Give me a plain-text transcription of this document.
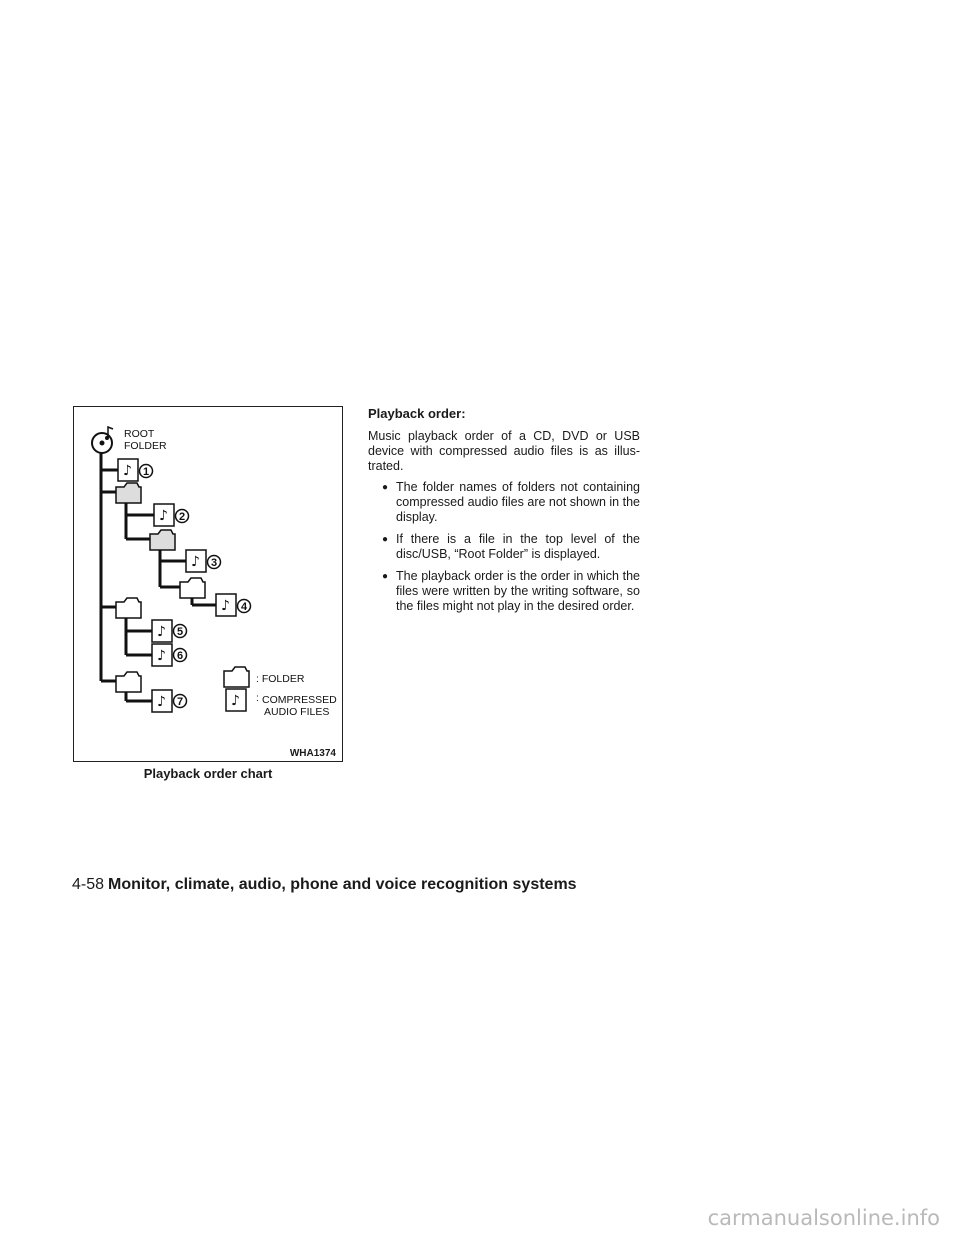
ROOT
FOLDER
♪
♪
♪
♪
♪
♪
♪	♪
1
2
3
4
5
6
7
: FOLDER
: COMPRESSED
AUDIO FILES
WHA1374
Playback order chart

Playback order:

Music playback order of a CD, DVD or USB device with compressed audio files is as illus-trated.

● The folder names of folders not containing compressed audio files are not shown in the display.
● If there is a file in the top level of the disc/USB, “Root Folder” is displayed.
● The playback order is the order in which the files were written by the writing software, so the files might not play in the desired order.
4-58 Monitor, climate, audio, phone and voice recognition systems
carmanualsonline.info
